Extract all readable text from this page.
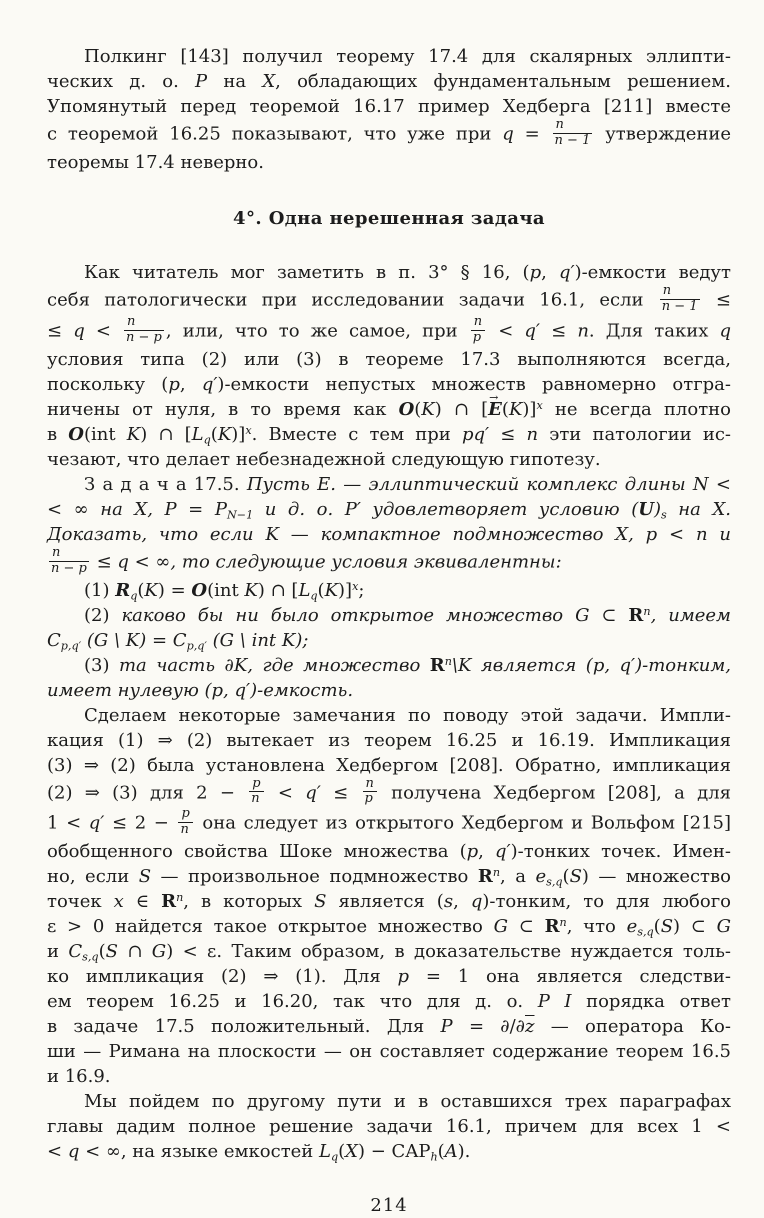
Полкинг [143] получил теорему 17.4 для скалярных эллипти-
ческих д. о. P на X, обладающих фундаментальным решением.
Упомянутый перед теоремой 16.17 пример Хедберга [211] вместе
с теоремой 16.25 показывают, что уже при $q = \frac{n}{n - 1}$ утверждение
теоремы 17.4 неверно.
4°. Одна нерешенная задача
Как читатель мог заметить в п. 3° § 16, (p, q′)-емкости ведут
себя патологически при исследовании задачи 16.1, если $\frac{n}{n - 1}$ ≤
≤ $q < \frac{n}{n - p}$ , или, что то же самое, при $\frac{n}{p} < q' \le n$. Для таких q
условия типа (2) или (3) в теореме 17.3 выполняются всегда,
поскольку (p, q′)-емкости непустых множеств равномерно отгра-
ничены от нуля, в то время как O(K) ∩ [→ E(K)]$^x$ не всегда плотно
в O(int K) ∩ $[L_q(K)]^x$. Вместе с тем при pq′ ≤ n эти патологии ис-
чезают, что делает небезнадежной следующую гипотезу.
З а д а ч а 17.5. Пусть Е. — эллиптический комплекс длины N <
< ∞ на X, $P = P_{N-1}$ и д. о. P′ удовлетворяет условию $(U)_s$ на X.
Доказать, что если K — компактное подмножество X, p < n и
$\frac{n}{n - p} \le q$ < ∞, то следующие условия эквивалентны:
(1) $R_q(K) = O(int$ K) ∩ $[L_q(K)]^x$;
(2) каково бы ни было открытое множество G ⊂ $R^n$, имеем
$C_{p,q'}$ (G \ $K) = C_{p,q'}$ (G \ int K);
(3) та часть ∂K, где множество $R^n\backslash K$ является (p, q′)-тонким,
имеет нулевую (p, q′)-емкость.
Сделаем некоторые замечания по поводу этой задачи. Импли-
кация (1) ⇒ (2) вытекает из теорем 16.25 и 16.19. Импликация
(3) ⇒ (2) была установлена Хедбергом [208]. Обратно, импликация
(2) ⇒ (3) для $2 - \frac{p}{n} < q' \le \frac{n}{p}$ получена Хедбергом [208], а для
$1 < q' \le 2 - \frac{p}{n}$ она следует из открытого Хедбергом и Вольфом [215]
обобщенного свойства Шоке множества (p, q′)-тонких точек. Имен-
но, если S — произвольное подмножество $R^n$, а $e_{s,q}(S)$ — множество
точек x ∈ $R^n$, в которых S является (s, q)-тонким, то для любого
ε > 0 найдется такое открытое множество G ⊂ $R^n$, что $e_{s,q}(S)$ ⊂ G
и $C_{s,q}(S$ ∩ G) < ε. Таким образом, в доказательстве нуждается толь-
ко импликация (2) ⇒ (1). Для p = 1 она является следстви-
ем теорем 16.25 и 16.20, так что для д. о. P I порядка ответ
в задаче 17.5 положительный. Для $P = \partial/\partial\overline{z}$ — оператора Ко-
ши — Римана на плоскости — он составляет содержание теорем 16.5
и 16.9.
Мы пойдем по другому пути и в оставшихся трех параграфах
главы дадим полное решение задачи 16.1, причем для всех 1 <
< q < ∞, на языке емкостей $L_q(X) - CAP_h(A)$.
214
